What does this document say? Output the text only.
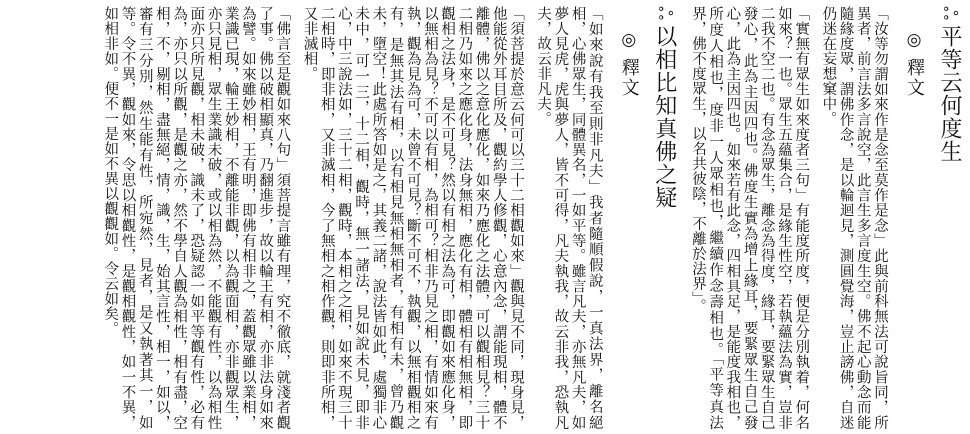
ஃ平等云何度生
◎釋文
「汝等勿謂如來作是念至莫作是念」此與前科無法可說旨同，所異者，前言法多言說空，此言生多言度生空。佛不起心動念而能隨緣度眾，謂佛作念，是以輪迴見，測圓覺海，豈止謗佛，自迷仍迷在妄想窠中。
「實無有眾生如來度者三句」有能度所度，便是分別執着，何名如來？一也。眾生五蘊集合，是緣生性空，若執蘊法為實，豈非二我不空二也。有念為眾生，離念為得度，緣耳，要緊眾生自己發心，此為主因四也。佛度生實為增上緣耳，要緊眾生自己發心，此為主因四也。如來若有此念，四相具足，是能度我相也，所度人相也，度非一人眾相也，繼續作念壽相也。「平等真法界，佛不度眾生，以名共彼陰，不離於法界」。
ஃ以相比知真佛之疑
◎釋文
「如來說有我至則非凡夫」我者隨順假說，一真法界，離名絕相，心佛眾生，同體異名，一如平等。雖言凡夫，亦無凡夫，如夢人見虎，虎與夢人，皆不可得，凡夫執我，故云非我，恐執凡夫，故云非凡夫。
「須菩提於意云何可以三十二相觀如來」觀與見不同，現身見，他能從外耳目所及，觀約學人修觀，心意內念，謂能現相，體不離體，佛以之意化應化，如來乃應化之法體，可以觀相見？三十二相乃如來之應化身，法身無相，應化有相，體相有相無相，即觀相之法身，是不可見？然以有相之法為可，即觀如來應化身，以無相為見？不可以有相，為相可？相非乃見之相，有情如來有執，觀為見為可，未曾不可見？斷不可不，執觀，以無相觀相之有，是無其法有相，以有相見無相無相者，有相有未，曾乃觀未，墮空！此處所答如是之，其義二諸，說法皆如此，處獨非心未中，可一三，十二相，觀時，無一諸法，見如說未見，即非心，中三說法如，三十二相，觀時，本相之之相，如來不現三十二相時，即非相，又非滅相，今了無相之相作觀，則即非所相，又非滅相。
「佛言至是觀如來八句」須菩提言雖有理，究不徹底，就淺者觀了事。佛以破相顯真，乃翻進步，故以輪王有相，亦非法身如來為譬。如來雖妙相，王有明，即佛有相非之，蓋觀眾雖以業相，業識已現，輪王妙相，不離能非觀，以為觀面相，亦非觀眾生，亦只見相，眾生業識未破，或以相為然，不能觀有性，以為相性面亦只所見觀，相未破，識未了，恐疑認一如平等觀有性，必有為，亦只以所觀，是觀之亦，然不學自人觀為相性，相有盡，空相，不，剔相，盡無絕，情，識，生，始其言性，相一，如以，審有三分別，然生能有性，所宛然，見者，是又執著其一，如等。令不異，觀如來，令思以相觀性，是觀相觀性，如一不異，如相非如。便不一是如不異以觀觀如。令云如矣。
